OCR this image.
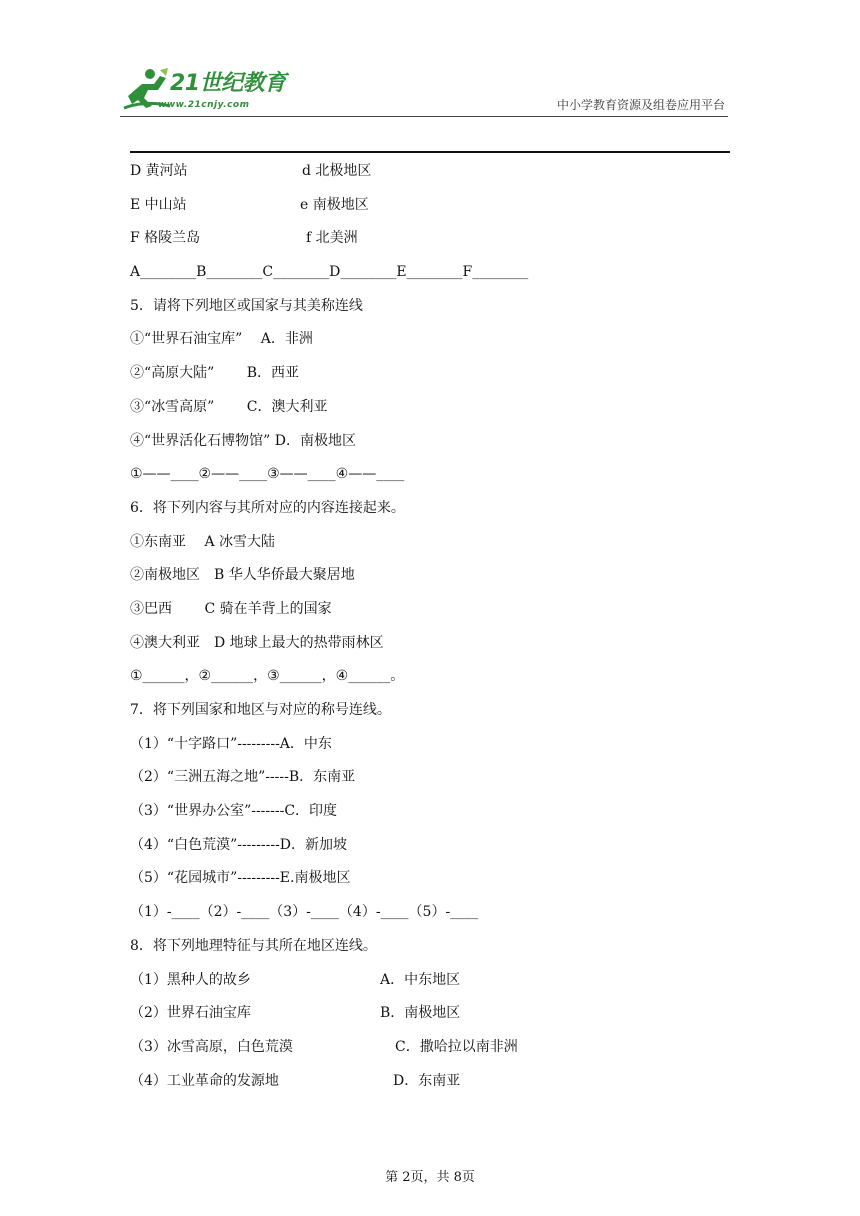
21世纪教育
www.21cnjy.com	中小学教育资源及组卷应用平台
D 黄河站	d 北极地区
E 中山站	e 南极地区
F 格陵兰岛	f 北美洲
A________B________C________D________E________F________
5．请将下列地区或国家与其美称连线
①“世界石油宝库”　 A．非洲
②“高原大陆”　　 B．西亚
③“冰雪高原”　　 C．澳大利亚
④“世界活化石博物馆” D．南极地区
①——____②——____③——____④——____
6．将下列内容与其所对应的内容连接起来。
①东南亚　 A 冰雪大陆
②南极地区　B 华人华侨最大聚居地
③巴西　　 C 骑在羊背上的国家
④澳大利亚　D 地球上最大的热带雨林区
①______，②______，③______，④______。
7．将下列国家和地区与对应的称号连线。
（1）“十字路口”---------A．中东
（2）“三洲五海之地”-----B．东南亚
（3）“世界办公室”-------C．印度
（4）“白色荒漠”---------D．新加坡
（5）“花园城市”---------E.南极地区
（1）-____（2）-____（3）-____（4）-____（5）-____
8．将下列地理特征与其所在地区连线。
（1）黑种人的故乡	A．中东地区
（2）世界石油宝库	B．南极地区
（3）冰雪高原，白色荒漠	C．撒哈拉以南非洲
（4）工业革命的发源地	D．东南亚
第 2页，共 8页
